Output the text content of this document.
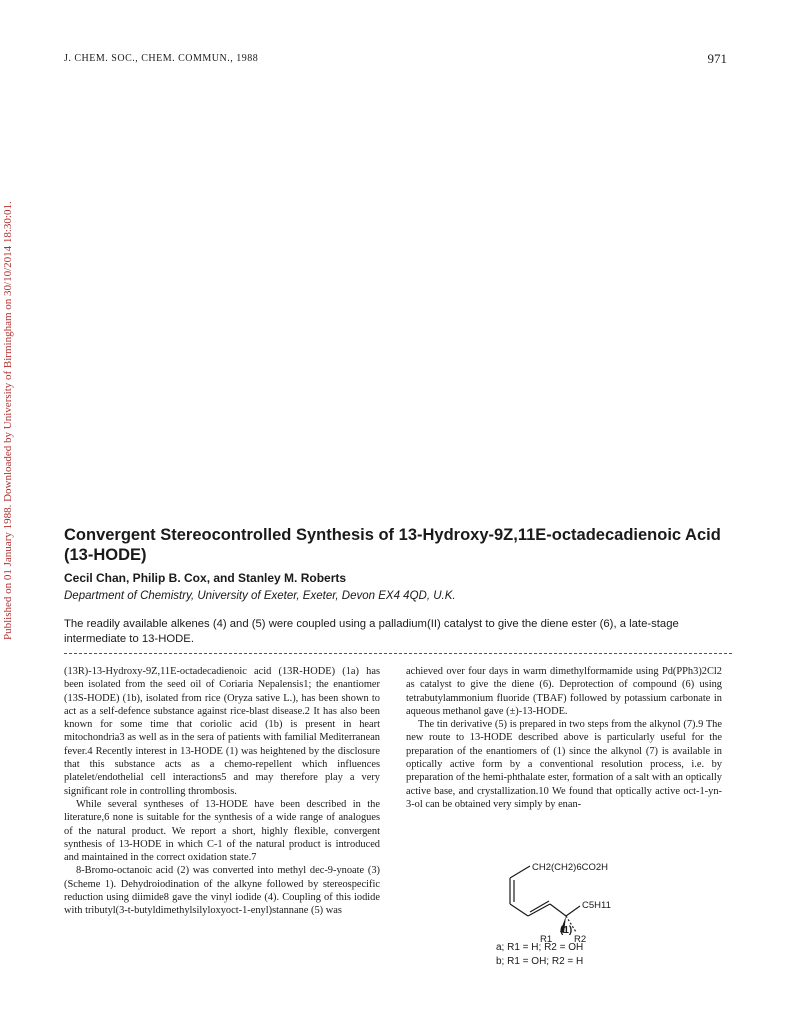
Published on 01 January 1988. Downloaded by University of Birmingham on 30/10/2014 18:30:01.
J. CHEM. SOC., CHEM. COMMUN., 1988	971
Convergent Stereocontrolled Synthesis of 13-Hydroxy-9Z,11E-octadecadienoic Acid (13-HODE)
Cecil Chan, Philip B. Cox, and Stanley M. Roberts
Department of Chemistry, University of Exeter, Exeter, Devon EX4 4QD, U.K.
The readily available alkenes (4) and (5) were coupled using a palladium(II) catalyst to give the diene ester (6), a late-stage intermediate to 13-HODE.

(13R)-13-Hydroxy-9Z,11E-octadecadienoic acid (13R-HODE) (1a) has been isolated from the seed oil of Coriaria Nepalensis1; the enantiomer (13S-HODE) (1b), isolated from rice (Oryza sative L.), has been shown to act as a self-defence substance against rice-blast disease.2 It has also been known for some time that coriolic acid (1b) is present in heart mitochondria3 as well as in the sera of patients with familial Mediterranean fever.4 Recently interest in 13-HODE (1) was heightened by the disclosure that this substance acts as a chemo-repellent which influences platelet/endothelial cell interactions5 and may therefore play a very significant role in controlling thrombosis.

While several syntheses of 13-HODE have been described in the literature,6 none is suitable for the synthesis of a wide range of analogues of the natural product. We report a short, highly flexible, convergent synthesis of 13-HODE in which C-1 of the natural product is introduced and maintained in the correct oxidation state.7

8-Bromo-octanoic acid (2) was converted into methyl dec-9-ynoate (3) (Scheme 1). Dehydroiodination of the alkyne followed by stereospecific reduction using diimide8 gave the vinyl iodide (4). Coupling of this iodide with tributyl(3-t-butyldimethylsilyloxyoct-1-enyl)stannane (5) was

achieved over four days in warm dimethylformamide using Pd(PPh3)2Cl2 as catalyst to give the diene (6). Deprotection of compound (6) using tetrabutylammonium fluoride (TBAF) followed by potassium carbonate in aqueous methanol gave (±)-13-HODE.

The tin derivative (5) is prepared in two steps from the alkynol (7).9 The new route to 13-HODE described above is particularly useful for the preparation of the enantiomers of (1) since the alkynol (7) is available in optically active form by a conventional resolution process, i.e. by preparation of the hemi-phthalate ester, formation of a salt with an optically active base, and crystallization.10 We found that optically active oct-1-yn-3-ol can be obtained very simply by enan-

CH2(CH2)6CO2H
C5H11
R1 R2
(1)
a; R1 = H; R2 = OH
b; R1 = OH; R2 = H
